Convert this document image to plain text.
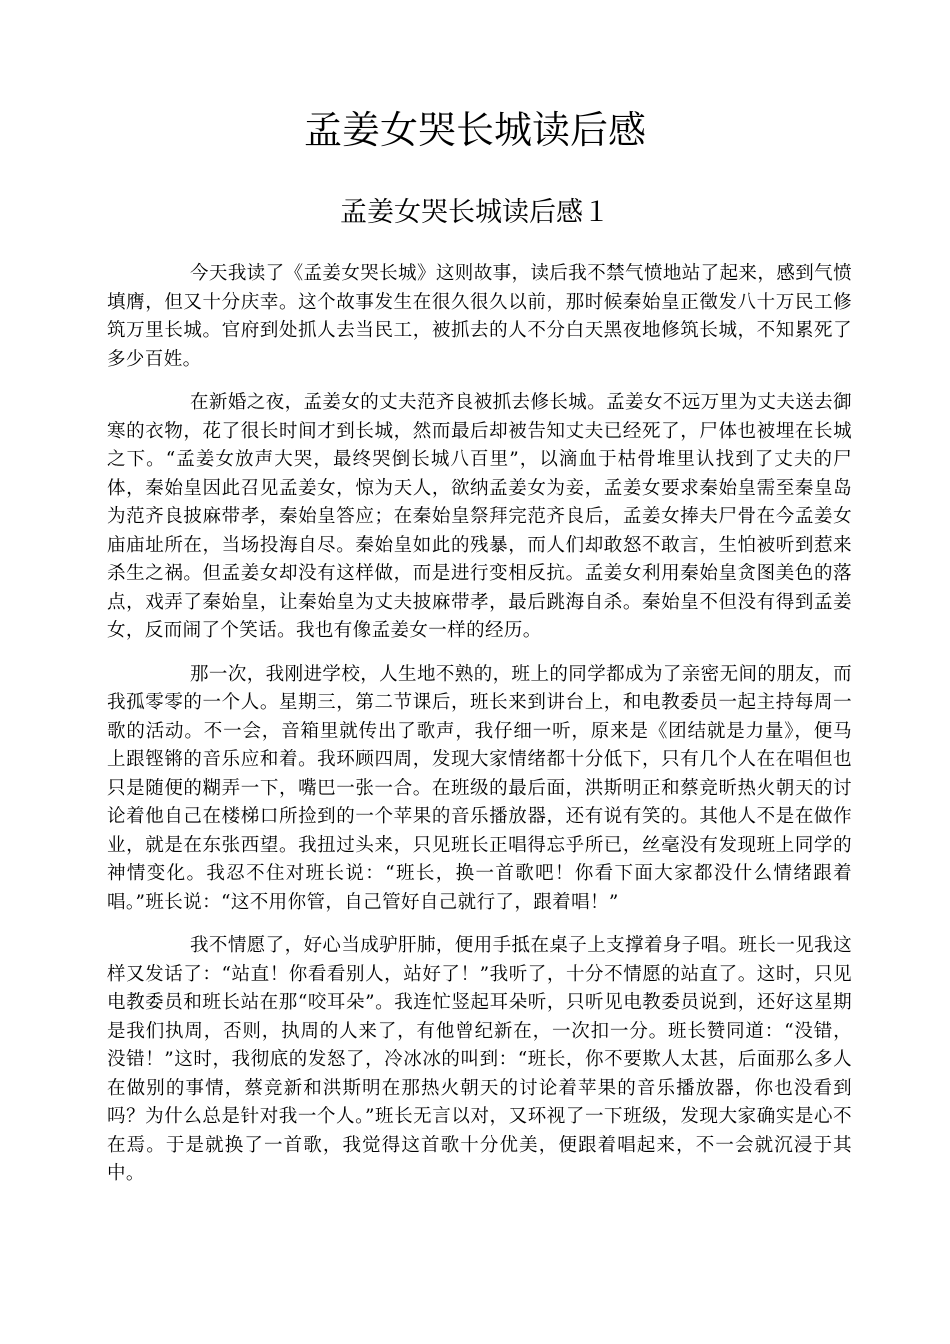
孟姜女哭长城读后感
孟姜女哭长城读后感１

今天我读了《孟姜女哭长城》这则故事，读后我不禁气愤地站了起来，感到气愤填膺，但又十分庆幸。这个故事发生在很久很久以前，那时候秦始皇正徵发八十万民工修筑万里长城。官府到处抓人去当民工，被抓去的人不分白天黑夜地修筑长城，不知累死了多少百姓。

在新婚之夜，孟姜女的丈夫范齐良被抓去修长城。孟姜女不远万里为丈夫送去御寒的衣物，花了很长时间才到长城，然而最后却被告知丈夫已经死了，尸体也被埋在长城之下。“孟姜女放声大哭，最终哭倒长城八百里”，以滴血于枯骨堆里认找到了丈夫的尸体，秦始皇因此召见孟姜女，惊为天人，欲纳孟姜女为妾，孟姜女要求秦始皇需至秦皇岛为范齐良披麻带孝，秦始皇答应；在秦始皇祭拜完范齐良后，孟姜女捧夫尸骨在今孟姜女庙庙址所在，当场投海自尽。秦始皇如此的残暴，而人们却敢怒不敢言，生怕被听到惹来杀生之祸。但孟姜女却没有这样做，而是进行变相反抗。孟姜女利用秦始皇贪图美色的落点，戏弄了秦始皇，让秦始皇为丈夫披麻带孝，最后跳海自杀。秦始皇不但没有得到孟姜女，反而闹了个笑话。我也有像孟姜女一样的经历。

那一次，我刚进学校，人生地不熟的，班上的同学都成为了亲密无间的朋友，而我孤零零的一个人。星期三，第二节课后，班长来到讲台上，和电教委员一起主持每周一歌的活动。不一会，音箱里就传出了歌声，我仔细一听，原来是《团结就是力量》，便马上跟铿锵的音乐应和着。我环顾四周，发现大家情绪都十分低下，只有几个人在在唱但也只是随便的糊弄一下，嘴巴一张一合。在班级的最后面，洪斯明正和蔡竞昕热火朝天的讨论着他自己在楼梯口所捡到的一个苹果的音乐播放器，还有说有笑的。其他人不是在做作业，就是在东张西望。我扭过头来，只见班长正唱得忘乎所已，丝毫没有发现班上同学的神情变化。我忍不住对班长说：“班长，换一首歌吧！你看下面大家都没什么情绪跟着唱。”班长说：“这不用你管，自己管好自己就行了，跟着唱！”

我不情愿了，好心当成驴肝肺，便用手抵在桌子上支撑着身子唱。班长一见我这样又发话了：“站直！你看看别人，站好了！”我听了，十分不情愿的站直了。这时，只见电教委员和班长站在那“咬耳朵”。我连忙竖起耳朵听，只听见电教委员说到，还好这星期是我们执周，否则，执周的人来了，有他曾纪新在，一次扣一分。班长赞同道：“没错，没错！”这时，我彻底的发怒了，冷冰冰的叫到：“班长，你不要欺人太甚，后面那么多人在做别的事情，蔡竞新和洪斯明在那热火朝天的讨论着苹果的音乐播放器，你也没看到吗？为什么总是针对我一个人。”班长无言以对，又环视了一下班级，发现大家确实是心不在焉。于是就换了一首歌，我觉得这首歌十分优美，便跟着唱起来，不一会就沉浸于其中。
